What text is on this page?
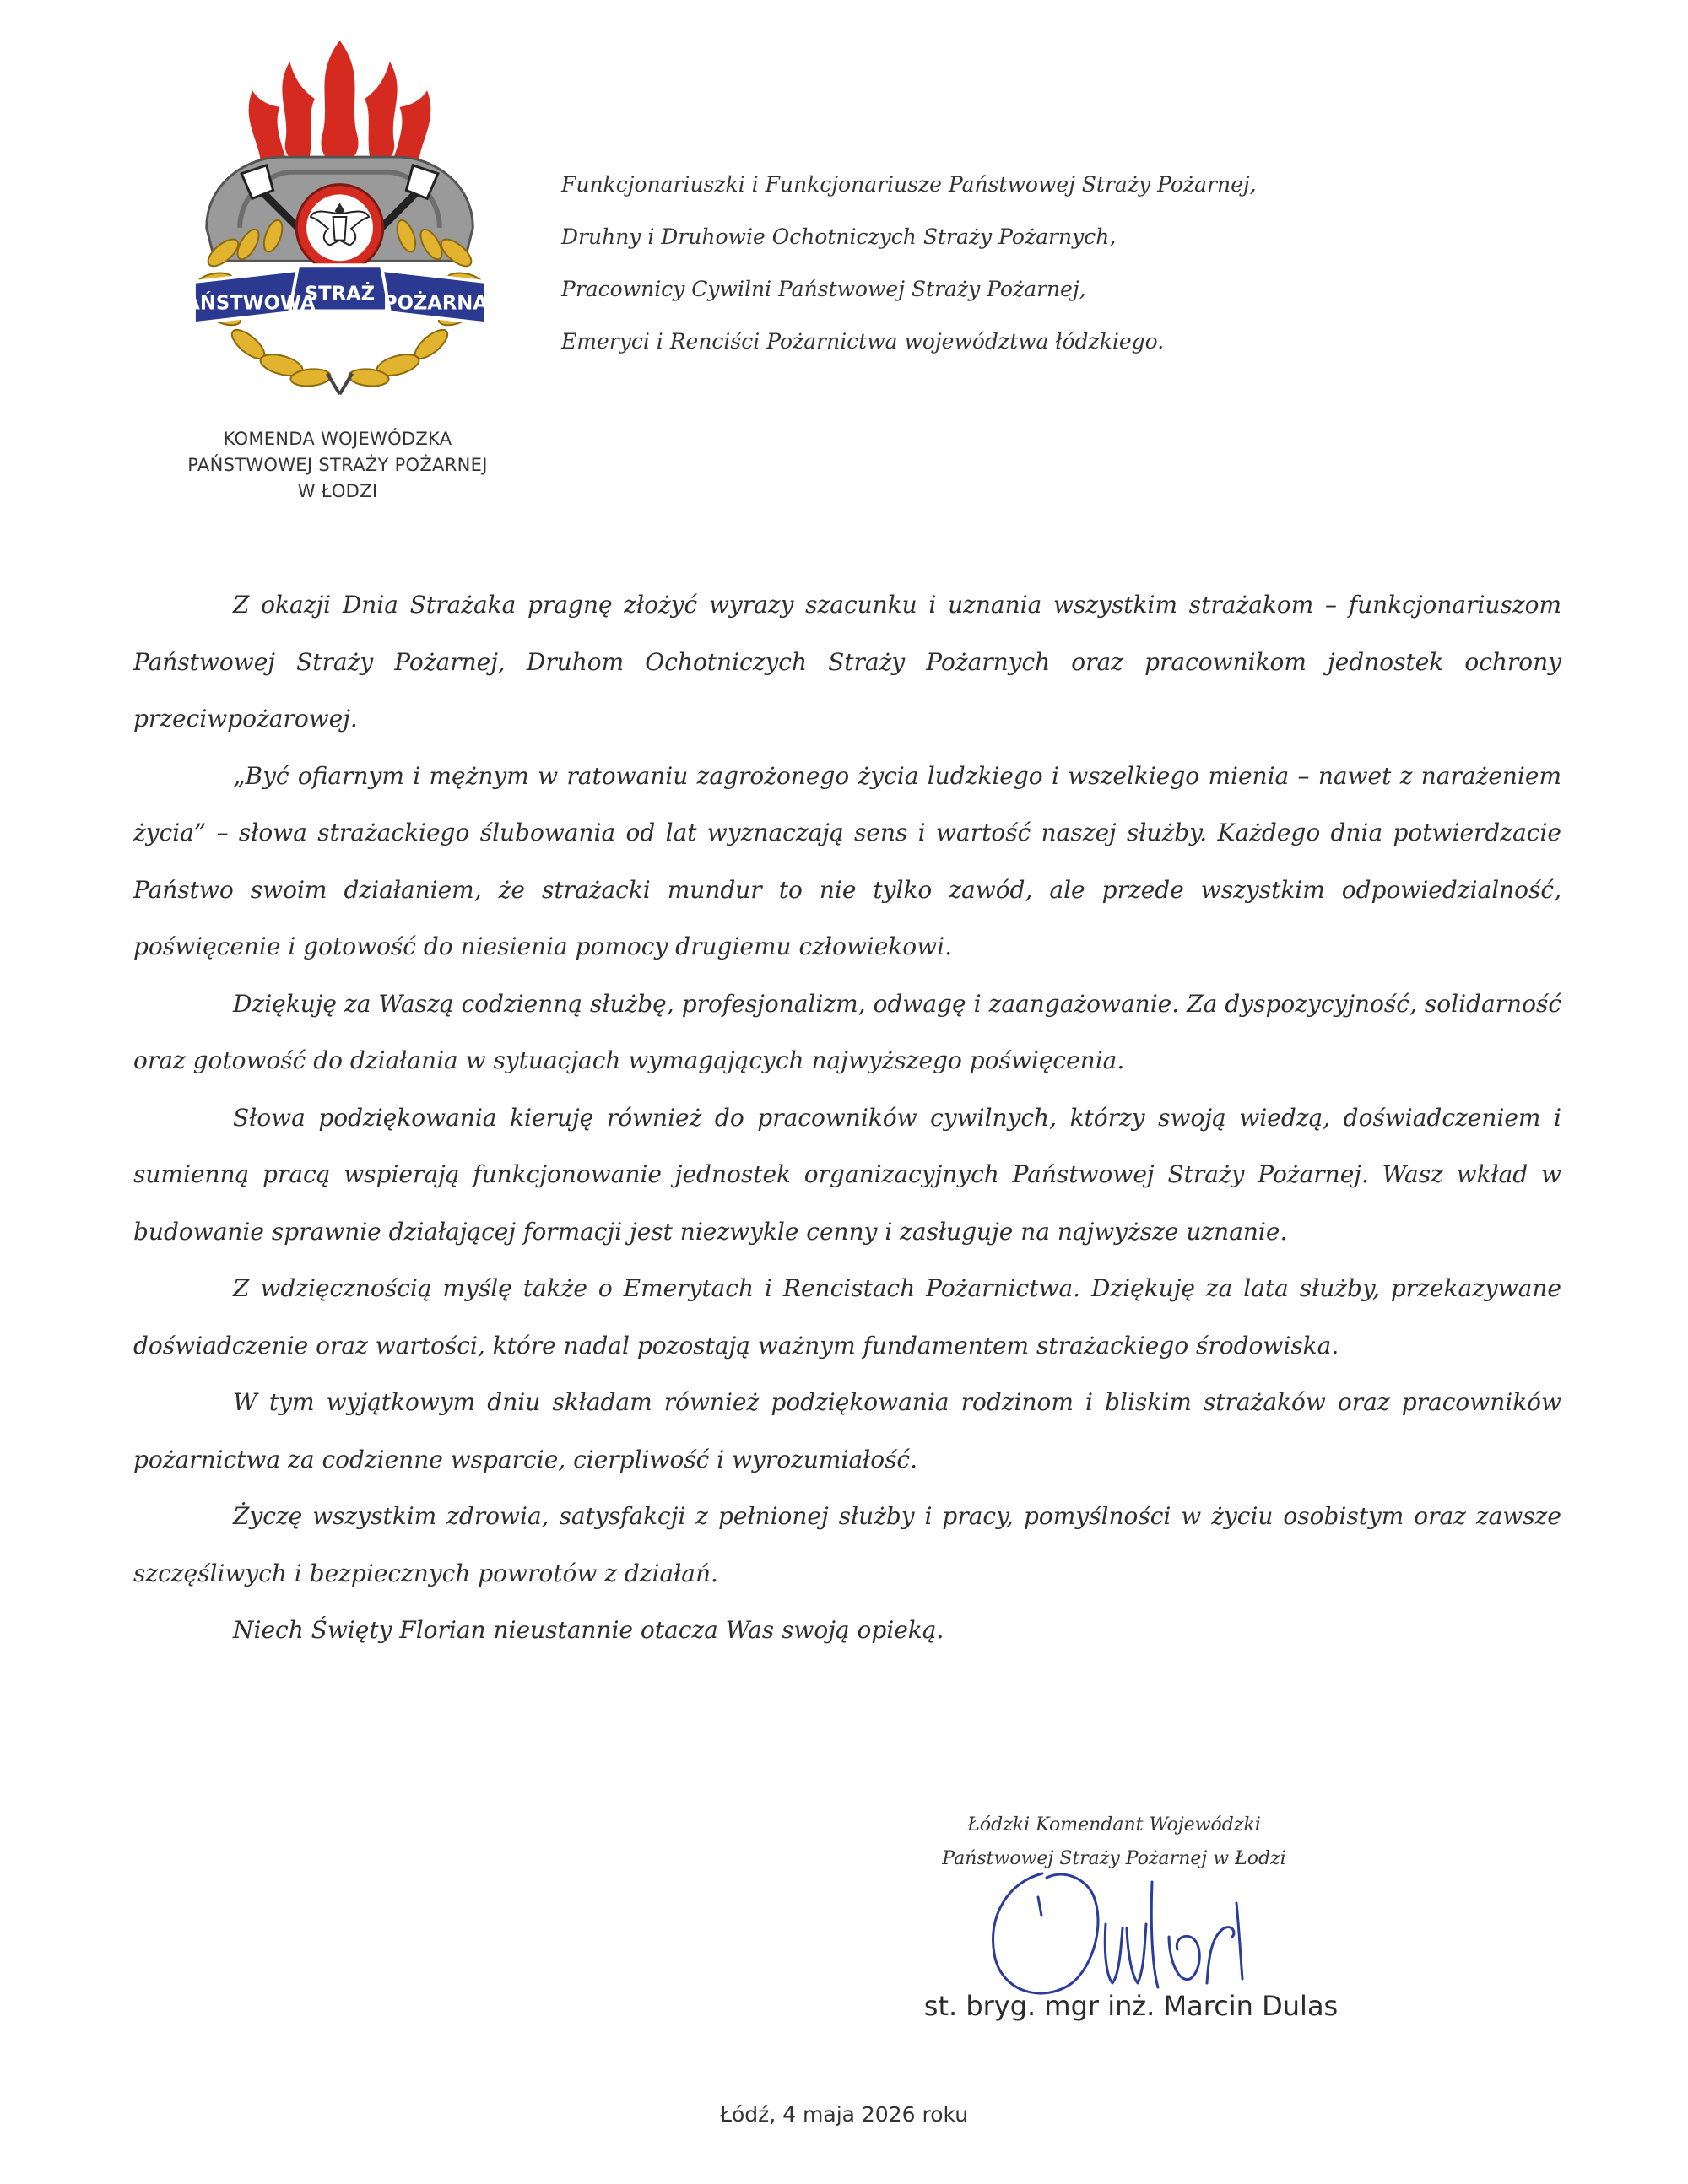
PAŃSTWOWA
STRAŻ POŻARNA
KOMENDA WOJEWÓDZKA
PAŃSTWOWEJ STRAŻY POŻARNEJ
W ŁODZI
Funkcjonariuszki i Funkcjonariusze Państwowej Straży Pożarnej,
Druhny i Druhowie Ochotniczych Straży Pożarnych,
Pracownicy Cywilni Państwowej Straży Pożarnej,
Emeryci i Renciści Pożarnictwa województwa łódzkiego.

Z okazji Dnia Strażaka pragnę złożyć wyrazy szacunku i uznania wszystkim strażakom – funkcjonariuszom Państwowej Straży Pożarnej, Druhom Ochotniczych Straży Pożarnych oraz pracownikom jednostek ochrony przeciwpożarowej.

„Być ofiarnym i mężnym w ratowaniu zagrożonego życia ludzkiego i wszelkiego mienia – nawet z narażeniem życia” – słowa strażackiego ślubowania od lat wyznaczają sens i wartość naszej służby. Każdego dnia potwierdzacie Państwo swoim działaniem, że strażacki mundur to nie tylko zawód, ale przede wszystkim odpowiedzialność, poświęcenie i gotowość do niesienia pomocy drugiemu człowiekowi.

Dziękuję za Waszą codzienną służbę, profesjonalizm, odwagę i zaangażowanie. Za dyspozycyjność, solidarność oraz gotowość do działania w sytuacjach wymagających najwyższego poświęcenia.

Słowa podziękowania kieruję również do pracowników cywilnych, którzy swoją wiedzą, doświadczeniem i sumienną pracą wspierają funkcjonowanie jednostek organizacyjnych Państwowej Straży Pożarnej. Wasz wkład w budowanie sprawnie działającej formacji jest niezwykle cenny i zasługuje na najwyższe uznanie.

Z wdzięcznością myślę także o Emerytach i Rencistach Pożarnictwa. Dziękuję za lata służby, przekazywane doświadczenie oraz wartości, które nadal pozostają ważnym fundamentem strażackiego środowiska.

W tym wyjątkowym dniu składam również podziękowania rodzinom i bliskim strażaków oraz pracowników pożarnictwa za codzienne wsparcie, cierpliwość i wyrozumiałość.

Życzę wszystkim zdrowia, satysfakcji z pełnionej służby i pracy, pomyślności w życiu osobistym oraz zawsze szczęśliwych i bezpiecznych powrotów z działań.

Niech Święty Florian nieustannie otacza Was swoją opieką.

Łódzki Komendant Wojewódzki
Państwowej Straży Pożarnej w Łodzi
st. bryg. mgr inż. Marcin Dulas
Łódź, 4 maja 2026 roku
